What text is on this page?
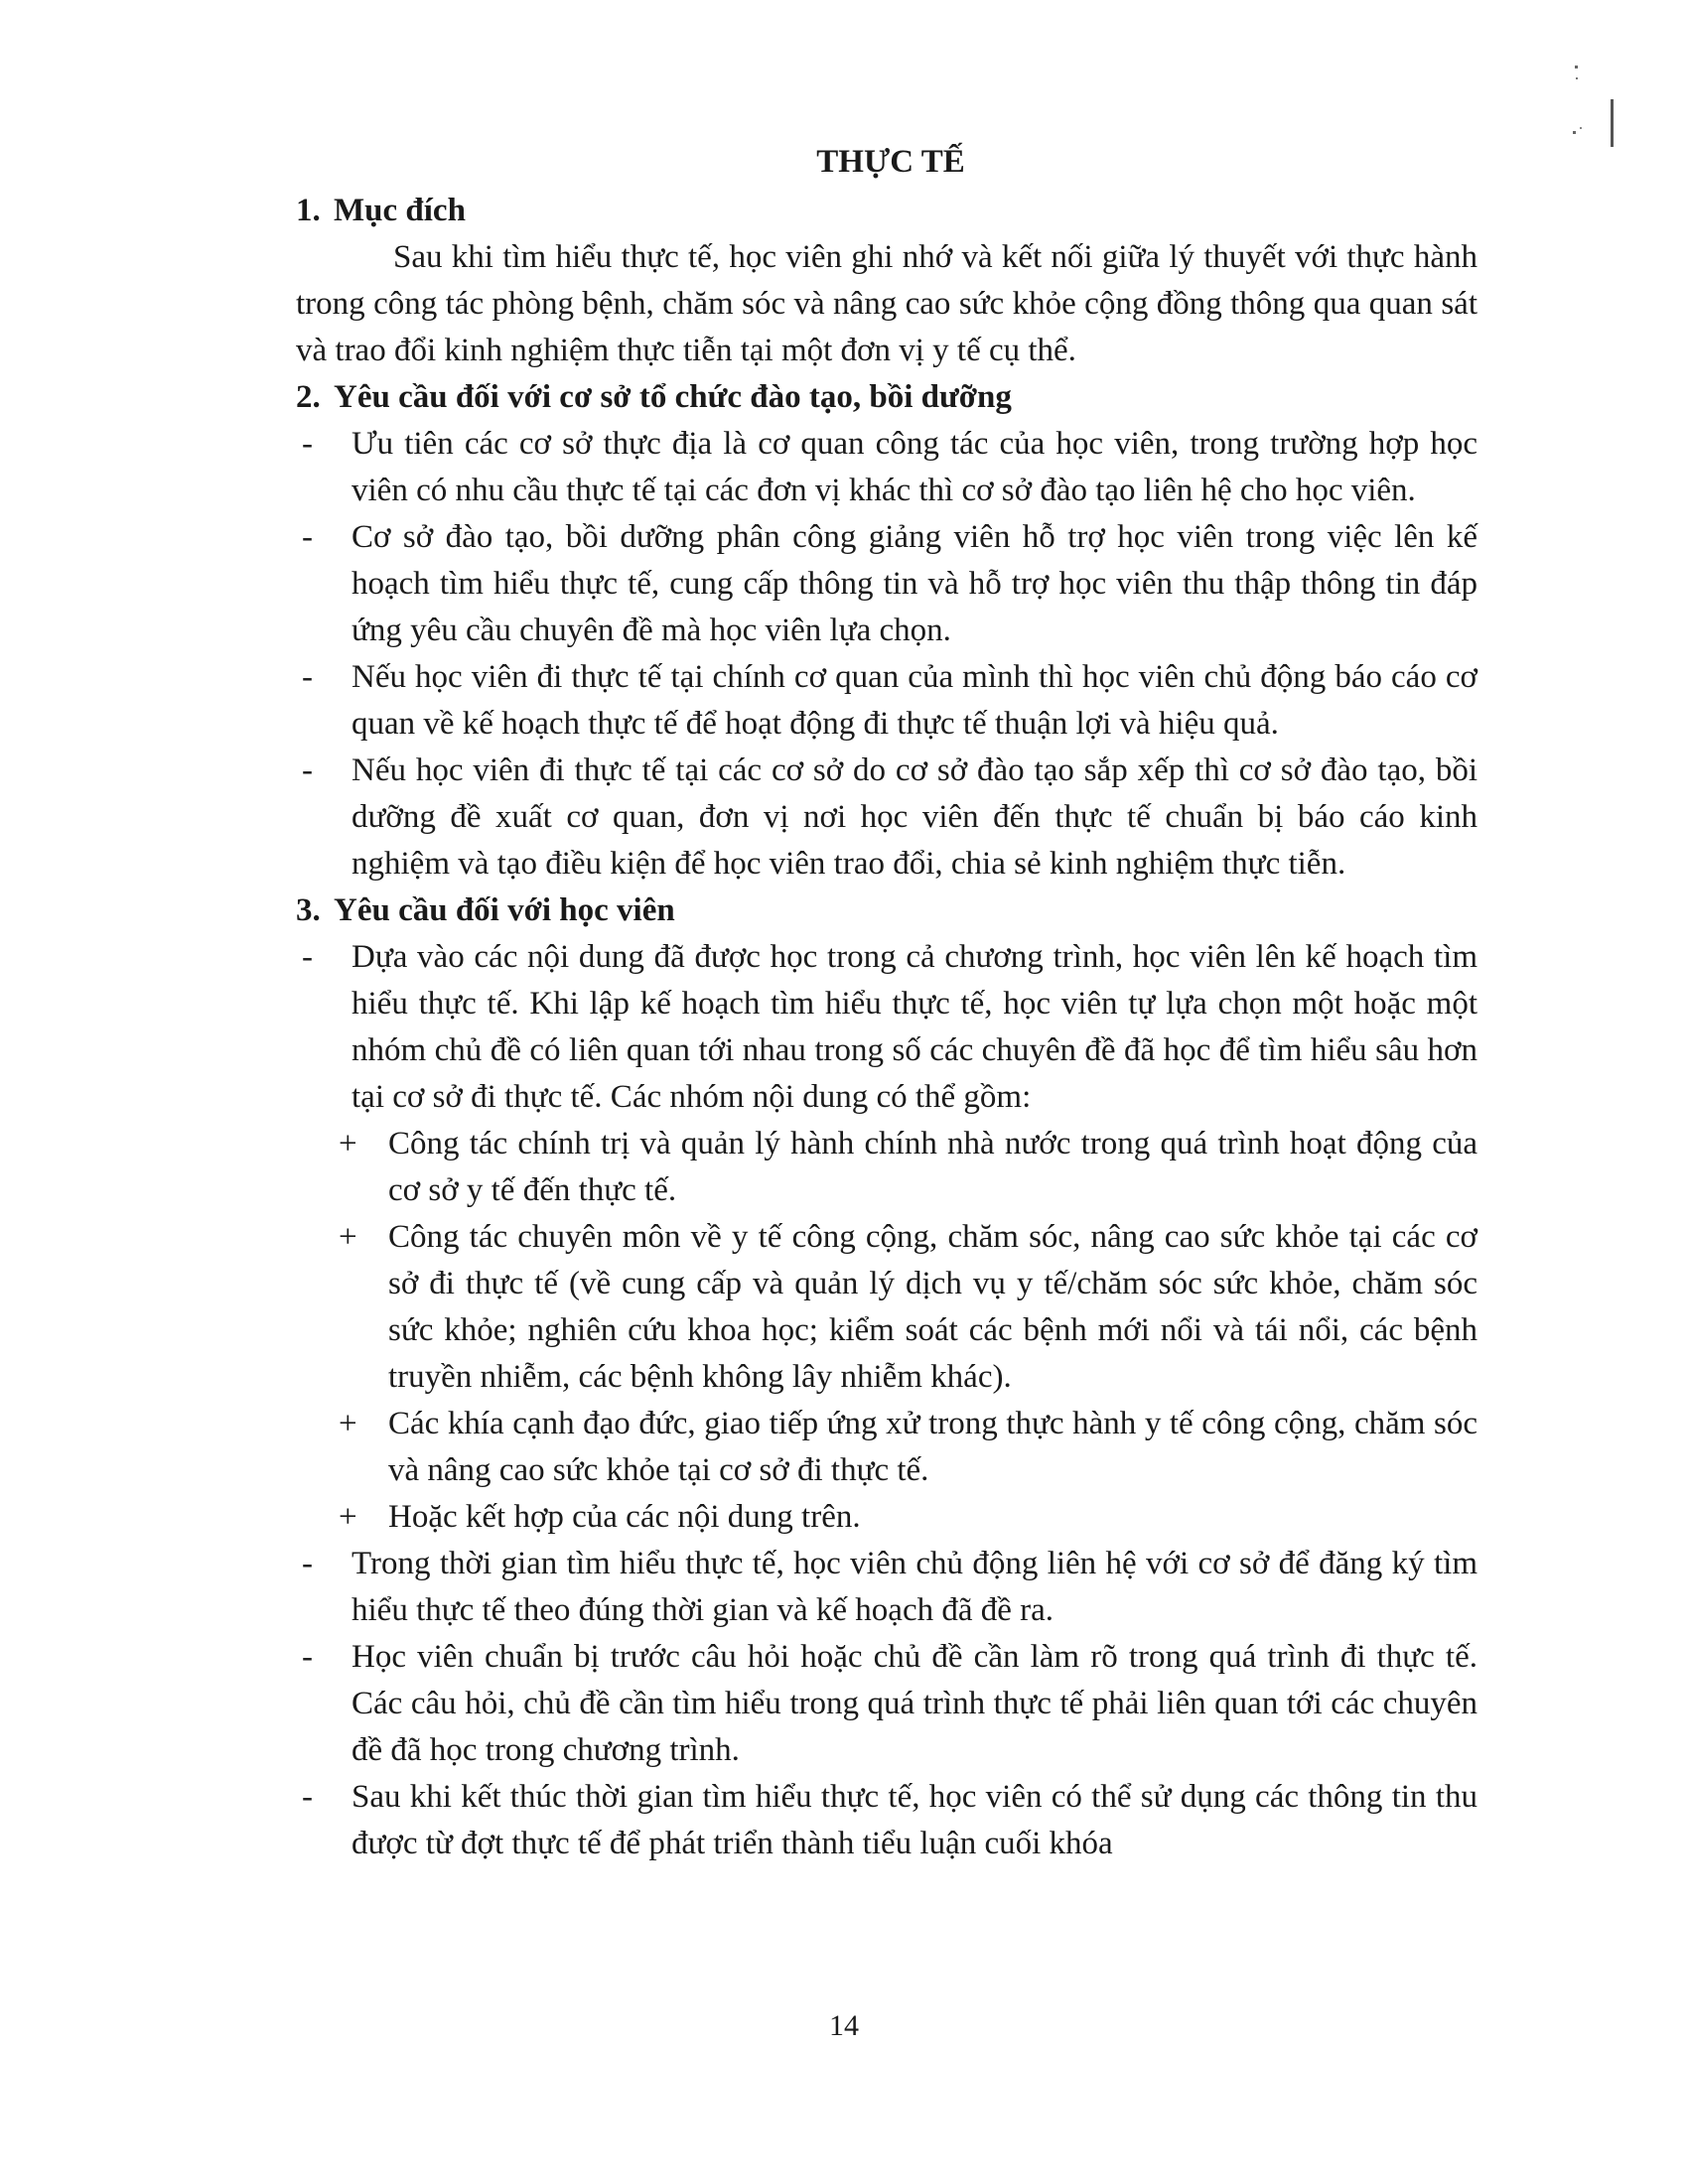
THỰC TẾ
1. Mục đích

Sau khi tìm hiểu thực tế, học viên ghi nhớ và kết nối giữa lý thuyết với thực hành trong công tác phòng bệnh, chăm sóc và nâng cao sức khỏe cộng đồng thông qua quan sát và trao đổi kinh nghiệm thực tiễn tại một đơn vị y tế cụ thể.

2. Yêu cầu đối với cơ sở tổ chức đào tạo, bồi dưỡng
- Ưu tiên các cơ sở thực địa là cơ quan công tác của học viên, trong trường hợp học viên có nhu cầu thực tế tại các đơn vị khác thì cơ sở đào tạo liên hệ cho học viên.
- Cơ sở đào tạo, bồi dưỡng phân công giảng viên hỗ trợ học viên trong việc lên kế hoạch tìm hiểu thực tế, cung cấp thông tin và hỗ trợ học viên thu thập thông tin đáp ứng yêu cầu chuyên đề mà học viên lựa chọn.
- Nếu học viên đi thực tế tại chính cơ quan của mình thì học viên chủ động báo cáo cơ quan về kế hoạch thực tế để hoạt động đi thực tế thuận lợi và hiệu quả.
- Nếu học viên đi thực tế tại các cơ sở do cơ sở đào tạo sắp xếp thì cơ sở đào tạo, bồi dưỡng đề xuất cơ quan, đơn vị nơi học viên đến thực tế chuẩn bị báo cáo kinh nghiệm và tạo điều kiện để học viên trao đổi, chia sẻ kinh nghiệm thực tiễn.
3. Yêu cầu đối với học viên
- Dựa vào các nội dung đã được học trong cả chương trình, học viên lên kế hoạch tìm hiểu thực tế. Khi lập kế hoạch tìm hiểu thực tế, học viên tự lựa chọn một hoặc một nhóm chủ đề có liên quan tới nhau trong số các chuyên đề đã học để tìm hiểu sâu hơn tại cơ sở đi thực tế. Các nhóm nội dung có thể gồm:
+ Công tác chính trị và quản lý hành chính nhà nước trong quá trình hoạt động của cơ sở y tế đến thực tế.
+ Công tác chuyên môn về y tế công cộng, chăm sóc, nâng cao sức khỏe tại các cơ sở đi thực tế (về cung cấp và quản lý dịch vụ y tế/chăm sóc sức khỏe, chăm sóc sức khỏe; nghiên cứu khoa học; kiểm soát các bệnh mới nổi và tái nổi, các bệnh truyền nhiễm, các bệnh không lây nhiễm khác).
+ Các khía cạnh đạo đức, giao tiếp ứng xử trong thực hành y tế công cộng, chăm sóc và nâng cao sức khỏe tại cơ sở đi thực tế.
+ Hoặc kết hợp của các nội dung trên.
- Trong thời gian tìm hiểu thực tế, học viên chủ động liên hệ với cơ sở để đăng ký tìm hiểu thực tế theo đúng thời gian và kế hoạch đã đề ra.
- Học viên chuẩn bị trước câu hỏi hoặc chủ đề cần làm rõ trong quá trình đi thực tế. Các câu hỏi, chủ đề cần tìm hiểu trong quá trình thực tế phải liên quan tới các chuyên đề đã học trong chương trình.
- Sau khi kết thúc thời gian tìm hiểu thực tế, học viên có thể sử dụng các thông tin thu được từ đợt thực tế để phát triển thành tiểu luận cuối khóa
14
